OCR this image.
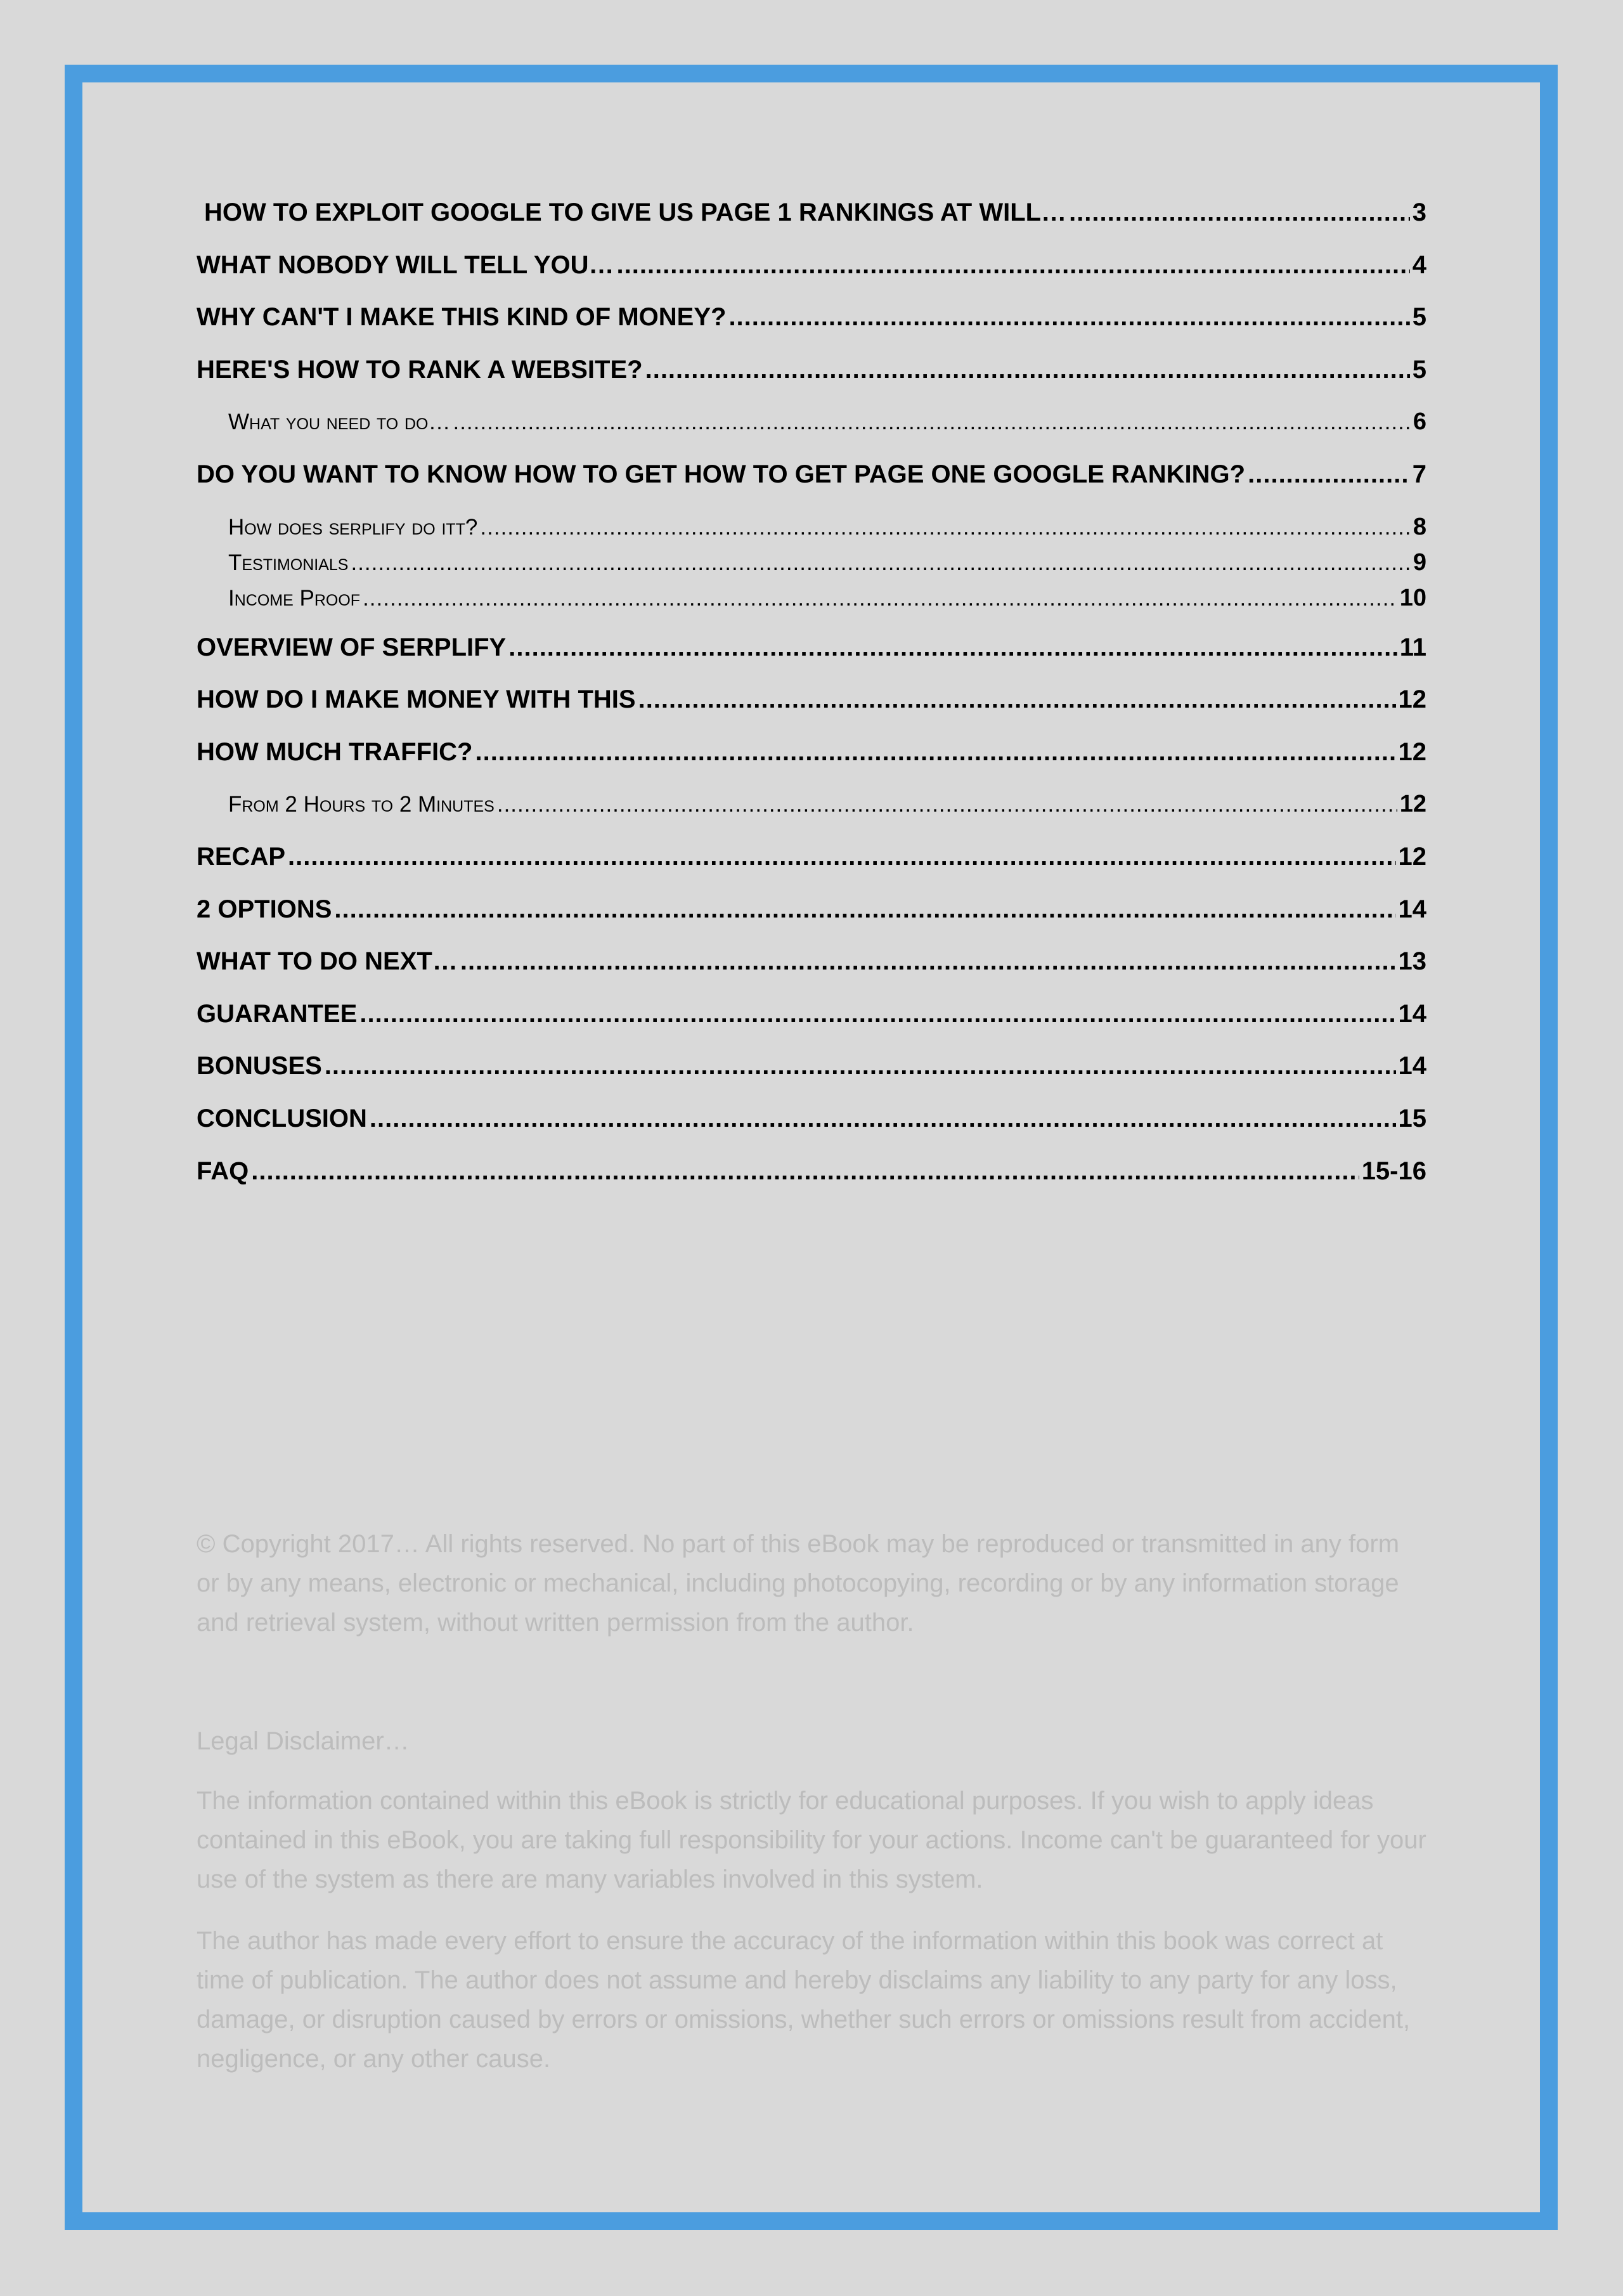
HOW TO EXPLOIT GOOGLE TO GIVE US PAGE 1 RANKINGS AT WILL… .....	3
WHAT NOBODY WILL TELL YOU… .....	4
WHY CAN'T I MAKE THIS KIND OF MONEY? .....	5
HERE'S HOW TO RANK A WEBSITE? .....	5
What you need to do… .....	6
DO YOU WANT TO KNOW HOW TO GET HOW TO GET PAGE ONE GOOGLE RANKING? .....	7
How does serplify do itt? .....	8
Testimonials .....	9
Income Proof .....	10
OVERVIEW OF SERPLIFY .....	11
HOW DO I MAKE MONEY WITH THIS .....	12
HOW MUCH TRAFFIC? .....	12
From 2 Hours to 2 Minutes .....	12
RECAP .....	12
2 OPTIONS .....	14
WHAT TO DO NEXT… .....	13
GUARANTEE .....	14
BONUSES .....	14
CONCLUSION .....	15
FAQ .....	15-16

© Copyright 2017… All rights reserved. No part of this eBook may be reproduced or transmitted in any form or by any means, electronic or mechanical, including photocopying, recording or by any information storage and retrieval system, without written permission from the author.

Legal Disclaimer…

The information contained within this eBook is strictly for educational purposes. If you wish to apply ideas contained in this eBook, you are taking full responsibility for your actions. Income can't be guaranteed for your use of the system as there are many variables involved in this system.

The author has made every effort to ensure the accuracy of the information within this book was correct at time of publication. The author does not assume and hereby disclaims any liability to any party for any loss, damage, or disruption caused by errors or omissions, whether such errors or omissions result from accident, negligence, or any other cause.
